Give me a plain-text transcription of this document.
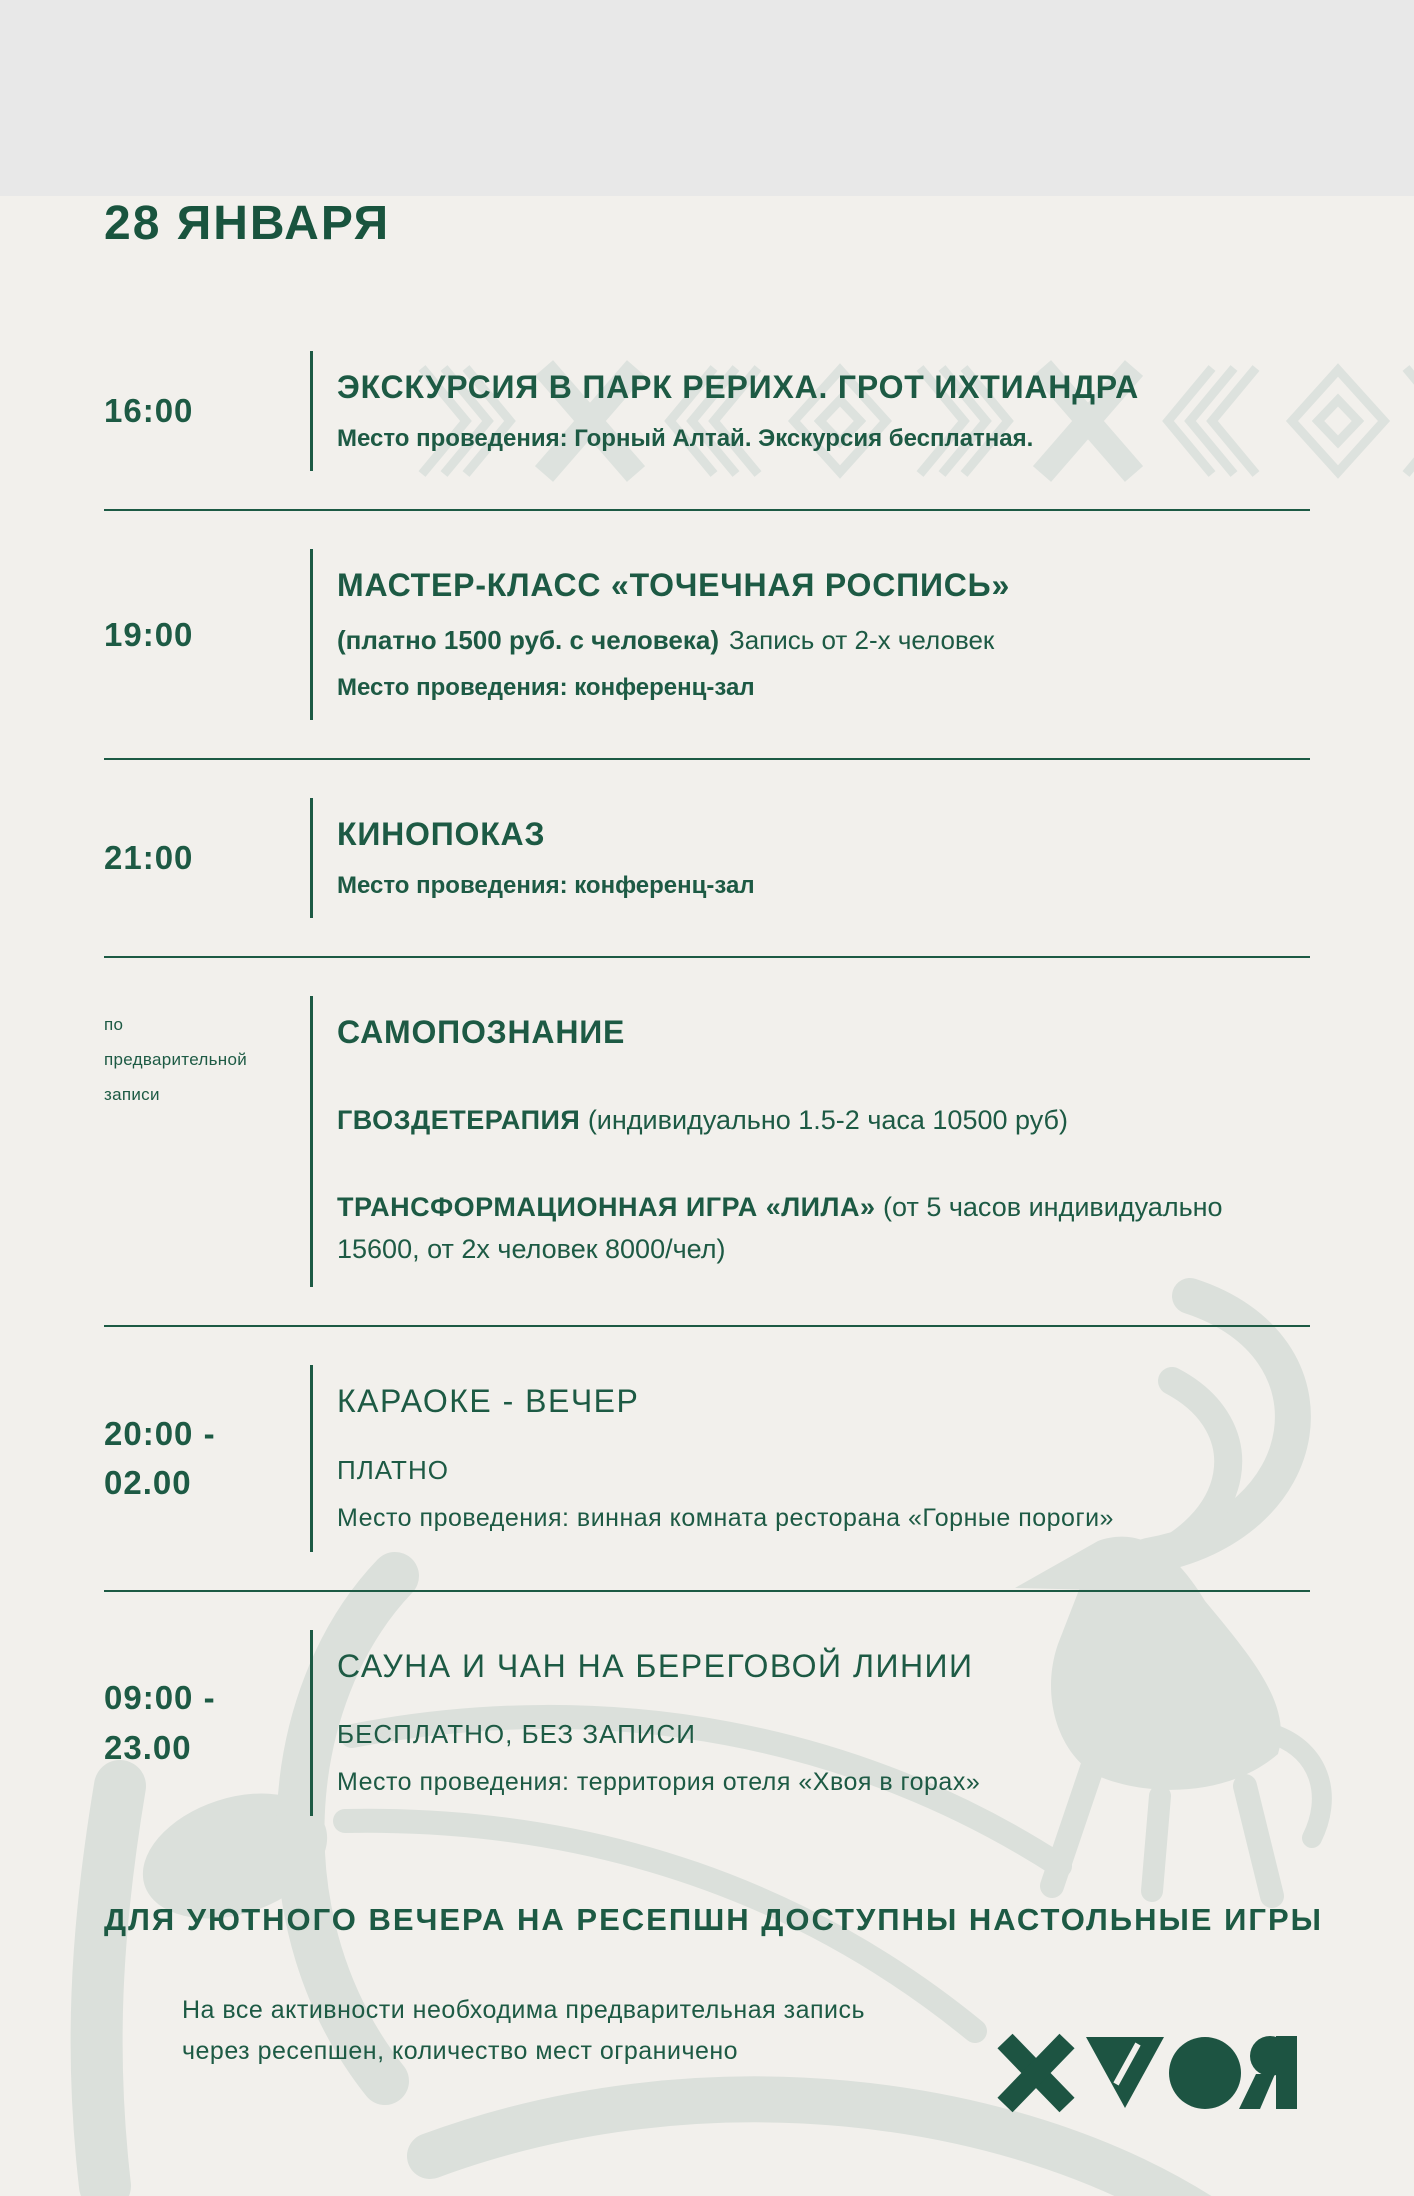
28 ЯНВАРЯ
16:00
ЭКСКУРСИЯ В ПАРК РЕРИХА. ГРОТ ИХТИАНДРА
Место проведения: Горный Алтай. Экскурсия бесплатная.
19:00
МАСТЕР-КЛАСС «ТОЧЕЧНАЯ РОСПИСЬ»
(платно 1500 руб. с человека) Запись от 2-х человек
Место проведения: конференц-зал
21:00
КИНОПОКАЗ
Место проведения: конференц-зал
по предварительной записи
САМОПОЗНАНИЕ
ГВОЗДЕТЕРАПИЯ (индивидуально 1.5-2 часа 10500 руб)
ТРАНСФОРМАЦИОННАЯ ИГРА «ЛИЛА» (от 5 часов индивидуально 15600, от 2х человек 8000/чел)
20:00 -
02.00
КАРАОКЕ - ВЕЧЕР
ПЛАТНО
Место проведения: винная комната ресторана «Горные пороги»
09:00 -
23.00
САУНА И ЧАН НА БЕРЕГОВОЙ ЛИНИИ
БЕСПЛАТНО, БЕЗ ЗАПИСИ
Место проведения: территория отеля «Хвоя в горах»
ДЛЯ УЮТНОГО ВЕЧЕРА НА РЕСЕПШН ДОСТУПНЫ НАСТОЛЬНЫЕ ИГРЫ
На все активности необходима предварительная запись
через ресепшен, количество мест ограничено
